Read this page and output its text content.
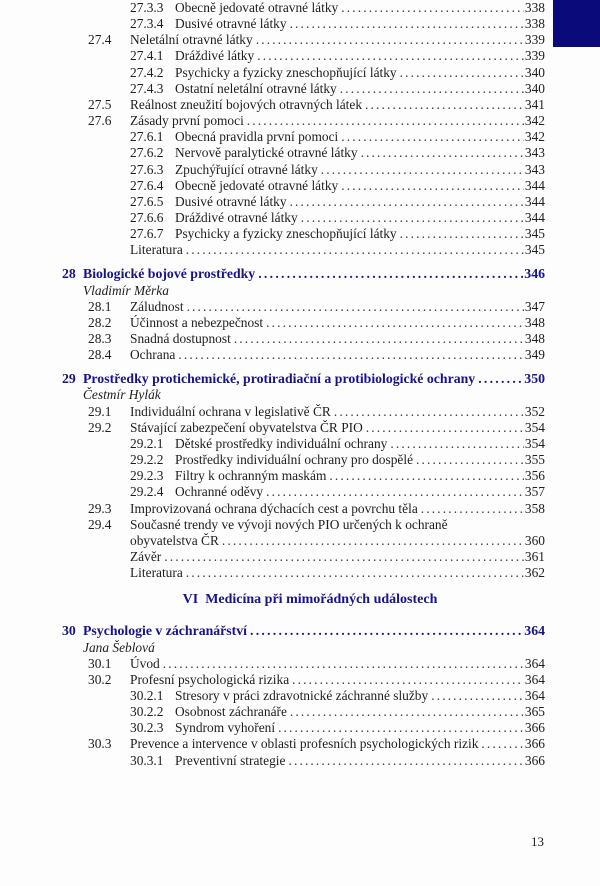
27.3.3 Obecně jedovaté otravné látky . . .	338
27.3.4 Dusivé otravné látky . . .	338
27.4 Neletální otravné látky . . .	339
27.4.1 Dráždivé látky . . .	339
27.4.2 Psychicky a fyzicky zneschopňující látky . . .	340
27.4.3 Ostatní neletální otravné látky . . .	340
27.5 Reálnost zneužití bojových otravných látek . . .	341
27.6 Zásady první pomoci . . .	342
27.6.1 Obecná pravidla první pomoci . . .	342
27.6.2 Nervově paralytické otravné látky . . .	343
27.6.3 Zpuchýřující otravné látky . . .	343
27.6.4 Obecně jedovaté otravné látky . . .	344
27.6.5 Dusivé otravné látky . . .	344
27.6.6 Dráždivé otravné látky . . .	344
27.6.7 Psychicky a fyzicky zneschopňující látky . . .	345
Literatura . . .	345
28 Biologické bojové prostředky . . .	346
Vladimír Měrka
28.1 Záludnost . . .	347
28.2 Účinnost a nebezpečnost . . .	348
28.3 Snadná dostupnost . . .	348
28.4 Ochrana . . .	349
29 Prostředky protichemické, protiradiační a protibiologické ochrany . . .	350
Čestmír Hylák
29.1 Individuální ochrana v legislativě ČR . . .	352
29.2 Stávající zabezpečení obyvatelstva ČR PIO . . .	354
29.2.1 Dětské prostředky individuální ochrany . . .	354
29.2.2 Prostředky individuální ochrany pro dospělé . . .	355
29.2.3 Filtry k ochranným maskám . . .	356
29.2.4 Ochranné oděvy . . .	357
29.3 Improvizovaná ochrana dýchacích cest a povrchu těla . . .	358
29.4 Současné trendy ve vývoji nových PIO určených k ochraně
obyvatelstva ČR . . .	360
Závěr . . .	361
Literatura . . .	362
VI Medicína při mimořádných událostech
30 Psychologie v záchranářství . . .	364
Jana Šeblová
30.1 Úvod . . .	364
30.2 Profesní psychologická rizika . . .	364
30.2.1 Stresory v práci zdravotnické záchranné služby . . .	364
30.2.2 Osobnost záchranáře . . .	365
30.2.3 Syndrom vyhoření . . .	366
30.3 Prevence a intervence v oblasti profesních psychologických rizik . . .	366
30.3.1 Preventivní strategie . . .	366
13
